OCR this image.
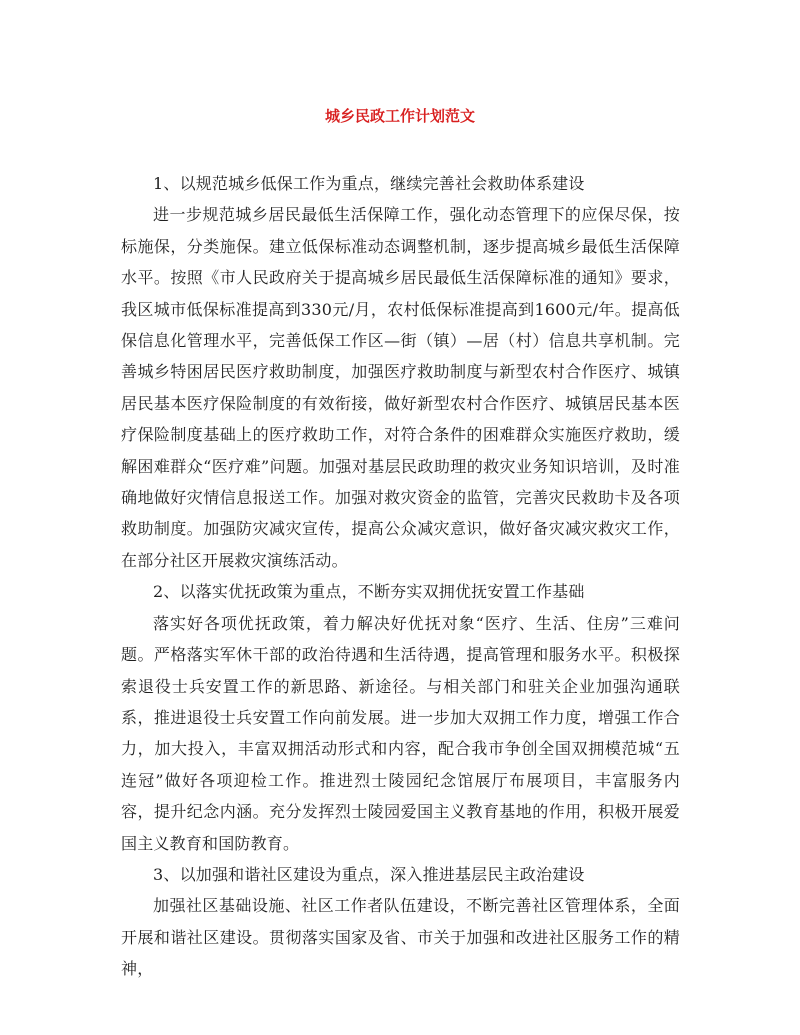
城乡民政工作计划范文

1、以规范城乡低保工作为重点，继续完善社会救助体系建设

进一步规范城乡居民最低生活保障工作，强化动态管理下的应保尽保，按标施保，分类施保。建立低保标准动态调整机制，逐步提高城乡最低生活保障水平。按照《市人民政府关于提高城乡居民最低生活保障标准的通知》要求，我区城市低保标准提高到330元/月，农村低保标准提高到1600元/年。提高低保信息化管理水平，完善低保工作区—街（镇）—居（村）信息共享机制。完善城乡特困居民医疗救助制度，加强医疗救助制度与新型农村合作医疗、城镇居民基本医疗保险制度的有效衔接，做好新型农村合作医疗、城镇居民基本医疗保险制度基础上的医疗救助工作，对符合条件的困难群众实施医疗救助，缓解困难群众“医疗难”问题。加强对基层民政助理的救灾业务知识培训，及时准确地做好灾情信息报送工作。加强对救灾资金的监管，完善灾民救助卡及各项救助制度。加强防灾减灾宣传，提高公众减灾意识，做好备灾减灾救灾工作，在部分社区开展救灾演练活动。

2、以落实优抚政策为重点，不断夯实双拥优抚安置工作基础

落实好各项优抚政策，着力解决好优抚对象“医疗、生活、住房”三难问题。严格落实军休干部的政治待遇和生活待遇，提高管理和服务水平。积极探索退役士兵安置工作的新思路、新途径。与相关部门和驻关企业加强沟通联系，推进退役士兵安置工作向前发展。进一步加大双拥工作力度，增强工作合力，加大投入，丰富双拥活动形式和内容，配合我市争创全国双拥模范城“五连冠”做好各项迎检工作。推进烈士陵园纪念馆展厅布展项目，丰富服务内容，提升纪念内涵。充分发挥烈士陵园爱国主义教育基地的作用，积极开展爱国主义教育和国防教育。

3、以加强和谐社区建设为重点，深入推进基层民主政治建设

加强社区基础设施、社区工作者队伍建设，不断完善社区管理体系，全面开展和谐社区建设。贯彻落实国家及省、市关于加强和改进社区服务工作的精神，
